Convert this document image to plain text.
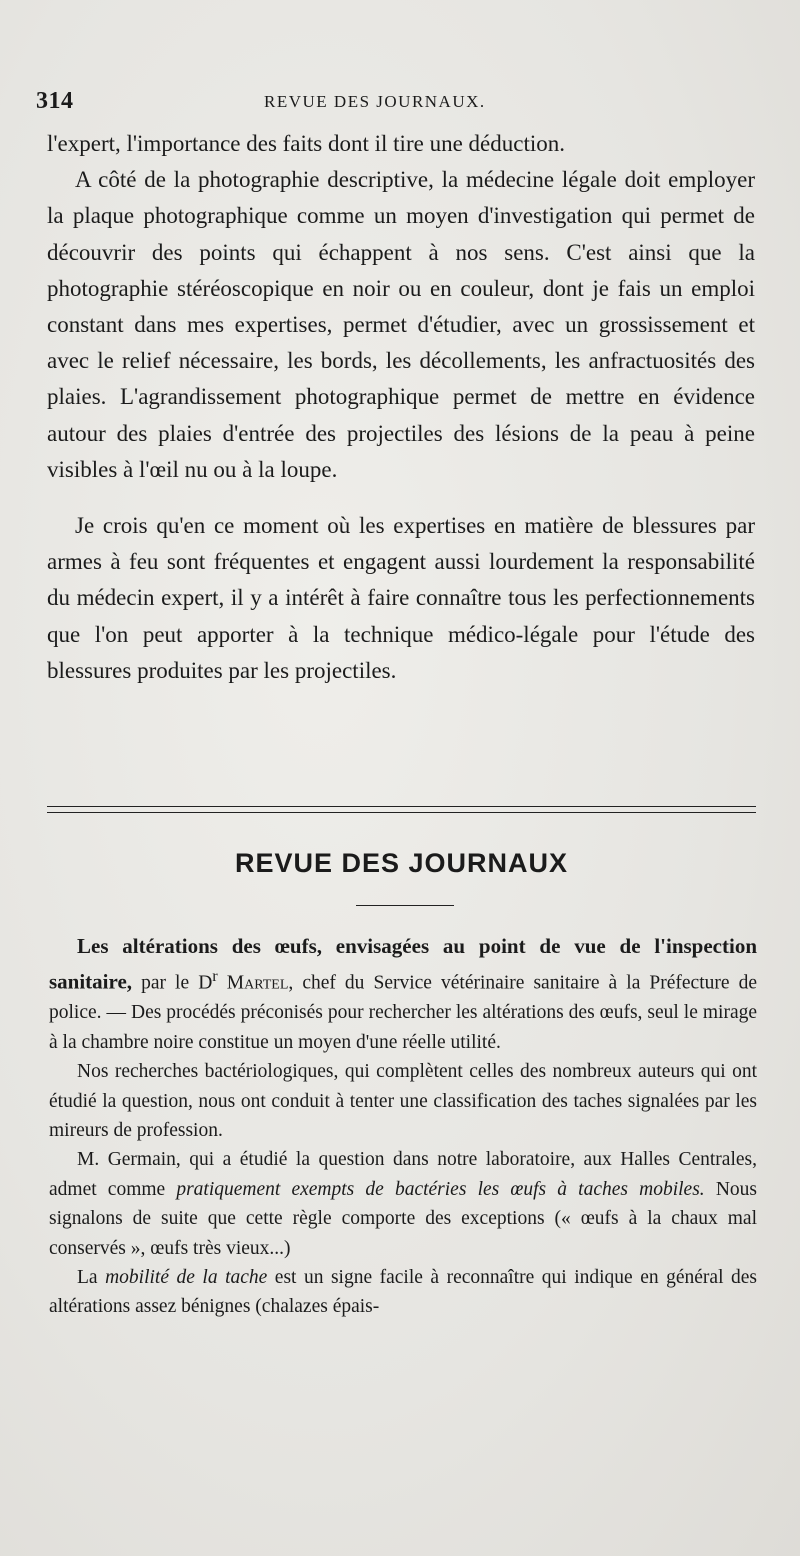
314	REVUE DES JOURNAUX.

l'expert, l'importance des faits dont il tire une déduction.

A côté de la photographie descriptive, la médecine légale doit employer la plaque photographique comme un moyen d'investigation qui permet de découvrir des points qui échappent à nos sens. C'est ainsi que la photographie stéréoscopique en noir ou en couleur, dont je fais un emploi constant dans mes expertises, permet d'étudier, avec un grossissement et avec le relief nécessaire, les bords, les décollements, les anfractuosités des plaies. L'agrandissement photographique permet de mettre en évidence autour des plaies d'entrée des projectiles des lésions de la peau à peine visibles à l'œil nu ou à la loupe.

Je crois qu'en ce moment où les expertises en matière de blessures par armes à feu sont fréquentes et engagent aussi lourdement la responsabilité du médecin expert, il y a intérêt à faire connaître tous les perfectionnements que l'on peut apporter à la technique médico-légale pour l'étude des blessures produites par les projectiles.

REVUE DES JOURNAUX

Les altérations des œufs, envisagées au point de vue de l'inspection sanitaire, par le $D^r$ Martel, chef du Service vétérinaire sanitaire à la Préfecture de police. — Des procédés préconisés pour rechercher les altérations des œufs, seul le mirage à la chambre noire constitue un moyen d'une réelle utilité.

Nos recherches bactériologiques, qui complètent celles des nombreux auteurs qui ont étudié la question, nous ont conduit à tenter une classification des taches signalées par les mireurs de profession.

M. Germain, qui a étudié la question dans notre laboratoire, aux Halles Centrales, admet comme pratiquement exempts de bactéries les œufs à taches mobiles. Nous signalons de suite que cette règle comporte des exceptions (« œufs à la chaux mal conservés », œufs très vieux...)

La mobilité de la tache est un signe facile à reconnaître qui indique en général des altérations assez bénignes (chalazes épais-
